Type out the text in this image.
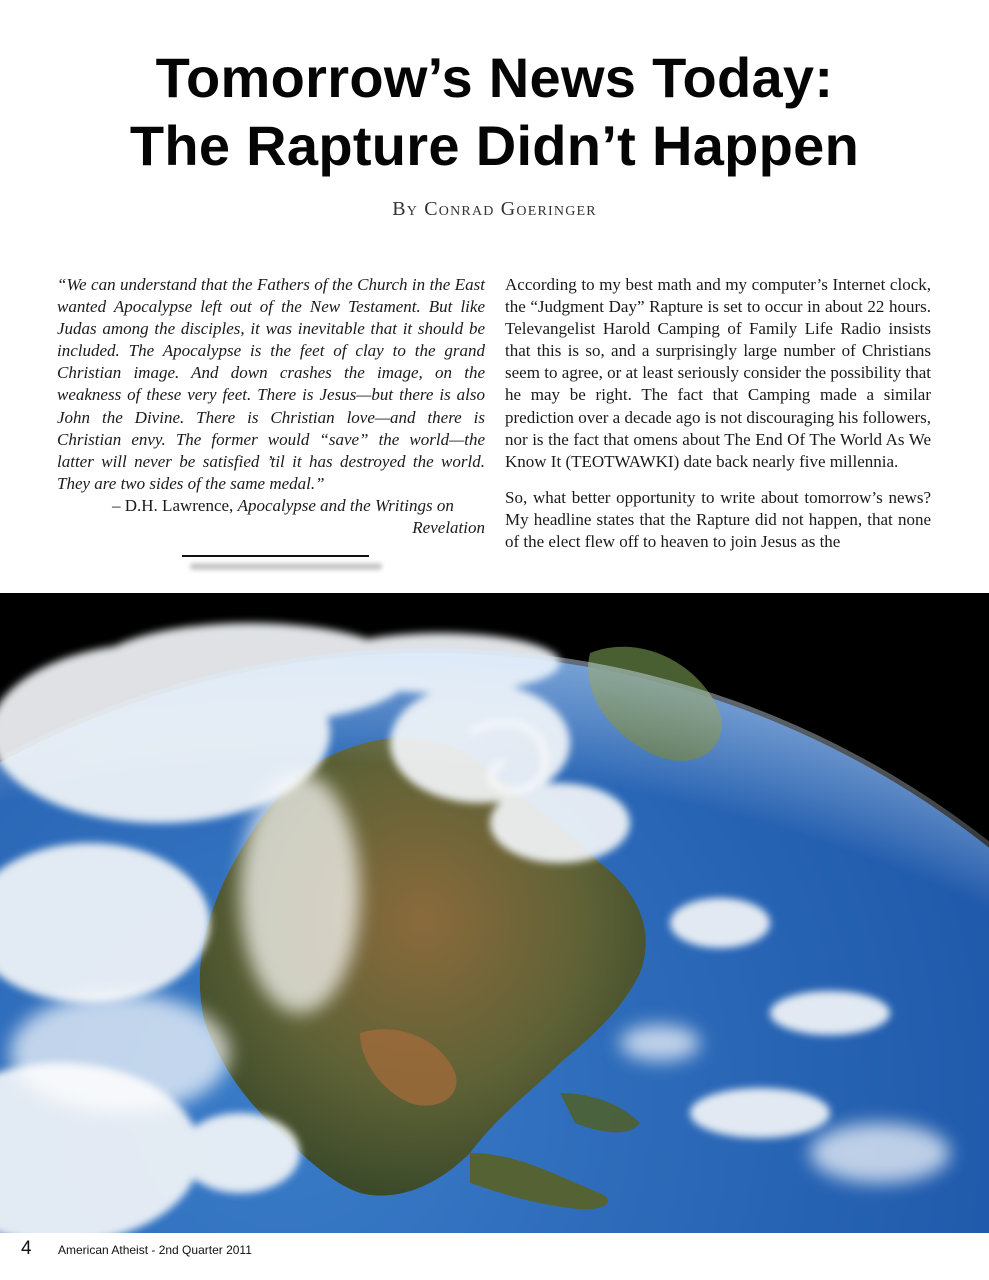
Tomorrow’s News Today:
The Rapture Didn’t Happen
By Conrad Goeringer

“We can understand that the Fathers of the Church in the East wanted Apocalypse left out of the New Testament. But like Judas among the disciples, it was inevitable that it should be included. The Apocalypse is the feet of clay to the grand Christian image. And down crashes the image, on the weakness of these very feet. There is Jesus—but there is also John the Divine. There is Christian love—and there is Christian envy. The former would “save” the world—the latter will never be satisfied ’til it has destroyed the world. They are two sides of the same medal.”

– D.H. Lawrence, Apocalypse and the Writings on
Revelation

According to my best math and my computer’s Internet clock, the “Judgment Day” Rapture is set to occur in about 22 hours. Televangelist Harold Camping of Family Life Radio insists that this is so, and a surprisingly large number of Christians seem to agree, or at least seriously consider the possibility that he may be right. The fact that Camping made a similar prediction over a decade ago is not discouraging his followers, nor is the fact that omens about The End Of The World As We Know It (TEOTWAWKI) date back nearly five millennia.

So, what better opportunity to write about tomorrow’s news? My headline states that the Rapture did not happen, that none of the elect flew off to heaven to join Jesus as the

4 American Atheist - 2nd Quarter 2011
